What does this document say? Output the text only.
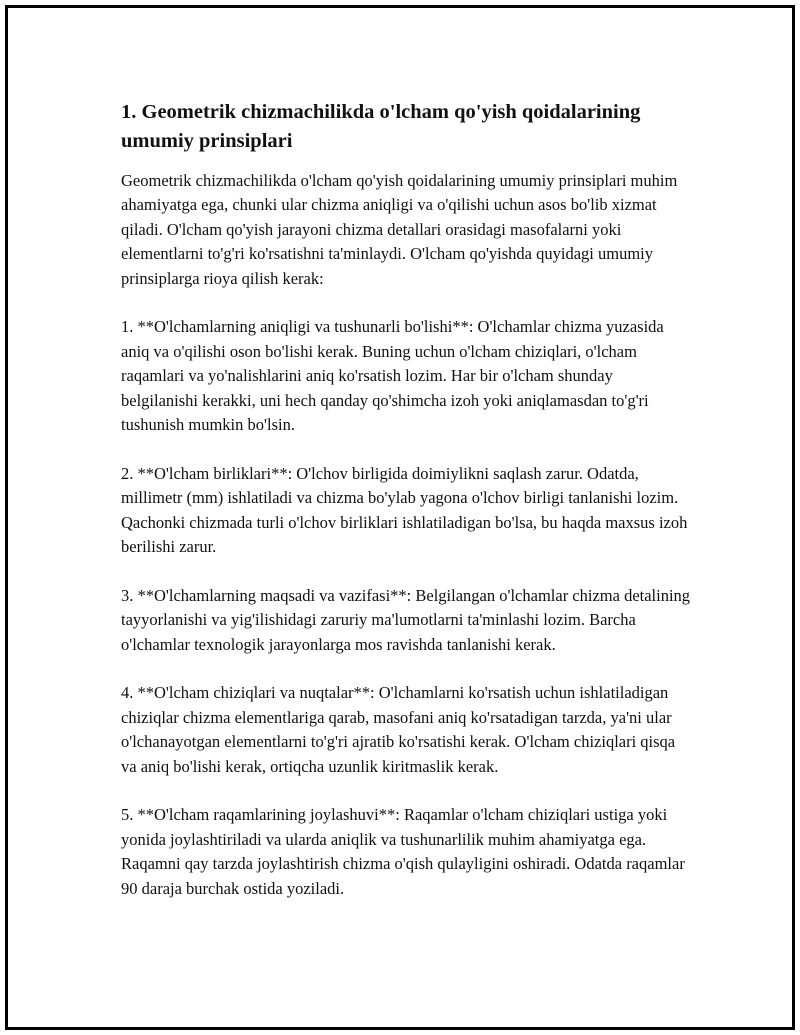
1. Geometrik chizmachilikda o'lcham qo'yish qoidalarining umumiy prinsiplari

Geometrik chizmachilikda o'lcham qo'yish qoidalarining umumiy prinsiplari muhim ahamiyatga ega, chunki ular chizma aniqligi va o'qilishi uchun asos bo'lib xizmat qiladi. O'lcham qo'yish jarayoni chizma detallari orasidagi masofalarni yoki elementlarni to'g'ri ko'rsatishni ta'minlaydi. O'lcham qo'yishda quyidagi umumiy prinsiplarga rioya qilish kerak:

1. **O'lchamlarning aniqligi va tushunarli bo'lishi**: O'lchamlar chizma yuzasida aniq va o'qilishi oson bo'lishi kerak. Buning uchun o'lcham chiziqlari, o'lcham raqamlari va yo'nalishlarini aniq ko'rsatish lozim. Har bir o'lcham shunday belgilanishi kerakki, uni hech qanday qo'shimcha izoh yoki aniqlamasdan to'g'ri tushunish mumkin bo'lsin.

2. **O'lcham birliklari**: O'lchov birligida doimiylikni saqlash zarur. Odatda, millimetr (mm) ishlatiladi va chizma bo'ylab yagona o'lchov birligi tanlanishi lozim. Qachonki chizmada turli o'lchov birliklari ishlatiladigan bo'lsa, bu haqda maxsus izoh berilishi zarur.

3. **O'lchamlarning maqsadi va vazifasi**: Belgilangan o'lchamlar chizma detalining tayyorlanishi va yig'ilishidagi zaruriy ma'lumotlarni ta'minlashi lozim. Barcha o'lchamlar texnologik jarayonlarga mos ravishda tanlanishi kerak.

4. **O'lcham chiziqlari va nuqtalar**: O'lchamlarni ko'rsatish uchun ishlatiladigan chiziqlar chizma elementlariga qarab, masofani aniq ko'rsatadigan tarzda, ya'ni ular o'lchanayotgan elementlarni to'g'ri ajratib ko'rsatishi kerak. O'lcham chiziqlari qisqa va aniq bo'lishi kerak, ortiqcha uzunlik kiritmaslik kerak.

5. **O'lcham raqamlarining joylashuvi**: Raqamlar o'lcham chiziqlari ustiga yoki yonida joylashtiriladi va ularda aniqlik va tushunarlilik muhim ahamiyatga ega. Raqamni qay tarzda joylashtirish chizma o'qish qulayligini oshiradi. Odatda raqamlar 90 daraja burchak ostida yoziladi.
